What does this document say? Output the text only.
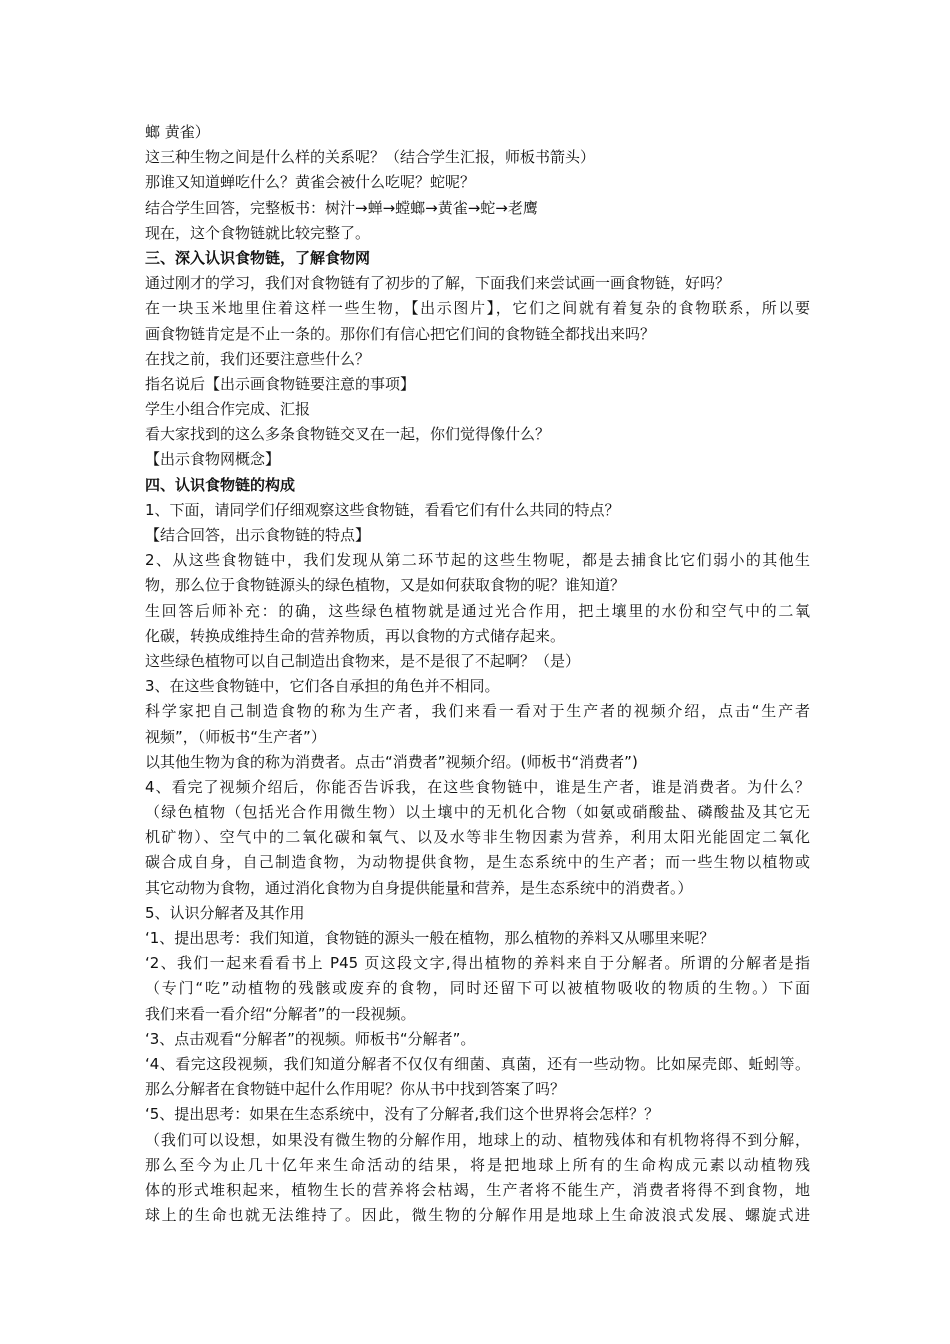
螂 黄雀）
这三种生物之间是什么样的关系呢？（结合学生汇报，师板书箭头）
那谁又知道蝉吃什么？黄雀会被什么吃呢？蛇呢？
结合学生回答，完整板书：树汁→蝉→螳螂→黄雀→蛇→老鹰
现在，这个食物链就比较完整了。
三、深入认识食物链，了解食物网
通过刚才的学习，我们对食物链有了初步的了解，下面我们来尝试画一画食物链，好吗？
在一块玉米地里住着这样一些生物，【出示图片】，它们之间就有着复杂的食物联系，所以要
画食物链肯定是不止一条的。那你们有信心把它们间的食物链全都找出来吗？
在找之前，我们还要注意些什么？
指名说后【出示画食物链要注意的事项】
学生小组合作完成、汇报
看大家找到的这么多条食物链交叉在一起，你们觉得像什么？
【出示食物网概念】
四、认识食物链的构成
1、下面，请同学们仔细观察这些食物链，看看它们有什么共同的特点？
【结合回答，出示食物链的特点】
2、从这些食物链中，我们发现从第二环节起的这些生物呢，都是去捕食比它们弱小的其他生
物，那么位于食物链源头的绿色植物，又是如何获取食物的呢？谁知道？
生回答后师补充：的确，这些绿色植物就是通过光合作用，把土壤里的水份和空气中的二氧
化碳，转换成维持生命的营养物质，再以食物的方式储存起来。
这些绿色植物可以自己制造出食物来，是不是很了不起啊？（是）
3、在这些食物链中，它们各自承担的角色并不相同。
科学家把自己制造食物的称为生产者，我们来看一看对于生产者的视频介绍，点击“生产者
视频”，（师板书“生产者”）
以其他生物为食的称为消费者。点击“消费者”视频介绍。(师板书“消费者”)
4、看完了视频介绍后，你能否告诉我，在这些食物链中，谁是生产者，谁是消费者。为什么？
（绿色植物（包括光合作用微生物）以土壤中的无机化合物（如氨或硝酸盐、磷酸盐及其它无
机矿物）、空气中的二氧化碳和氧气、以及水等非生物因素为营养，利用太阳光能固定二氧化
碳合成自身，自己制造食物，为动物提供食物，是生态系统中的生产者；而一些生物以植物或
其它动物为食物，通过消化食物为自身提供能量和营养，是生态系统中的消费者。）
5、认识分解者及其作用
‘1、提出思考：我们知道，食物链的源头一般在植物，那么植物的养料又从哪里来呢？
‘2、我们一起来看看书上 P45 页这段文字,得出植物的养料来自于分解者。所谓的分解者是指
（专门“吃”动植物的残骸或废弃的食物，同时还留下可以被植物吸收的物质的生物。）下面
我们来看一看介绍“分解者”的一段视频。
‘3、点击观看“分解者”的视频。师板书“分解者”。
‘4、看完这段视频，我们知道分解者不仅仅有细菌、真菌，还有一些动物。比如屎壳郎、蚯蚓等。
那么分解者在食物链中起什么作用呢？你从书中找到答案了吗？
‘5、提出思考：如果在生态系统中，没有了分解者,我们这个世界将会怎样？？
（我们可以设想，如果没有微生物的分解作用，地球上的动、植物残体和有机物将得不到分解，
那么至今为止几十亿年来生命活动的结果，将是把地球上所有的生命构成元素以动植物残
体的形式堆积起来，植物生长的营养将会枯竭，生产者将不能生产，消费者将得不到食物，地
球上的生命也就无法维持了。因此，微生物的分解作用是地球上生命波浪式发展、螺旋式进
